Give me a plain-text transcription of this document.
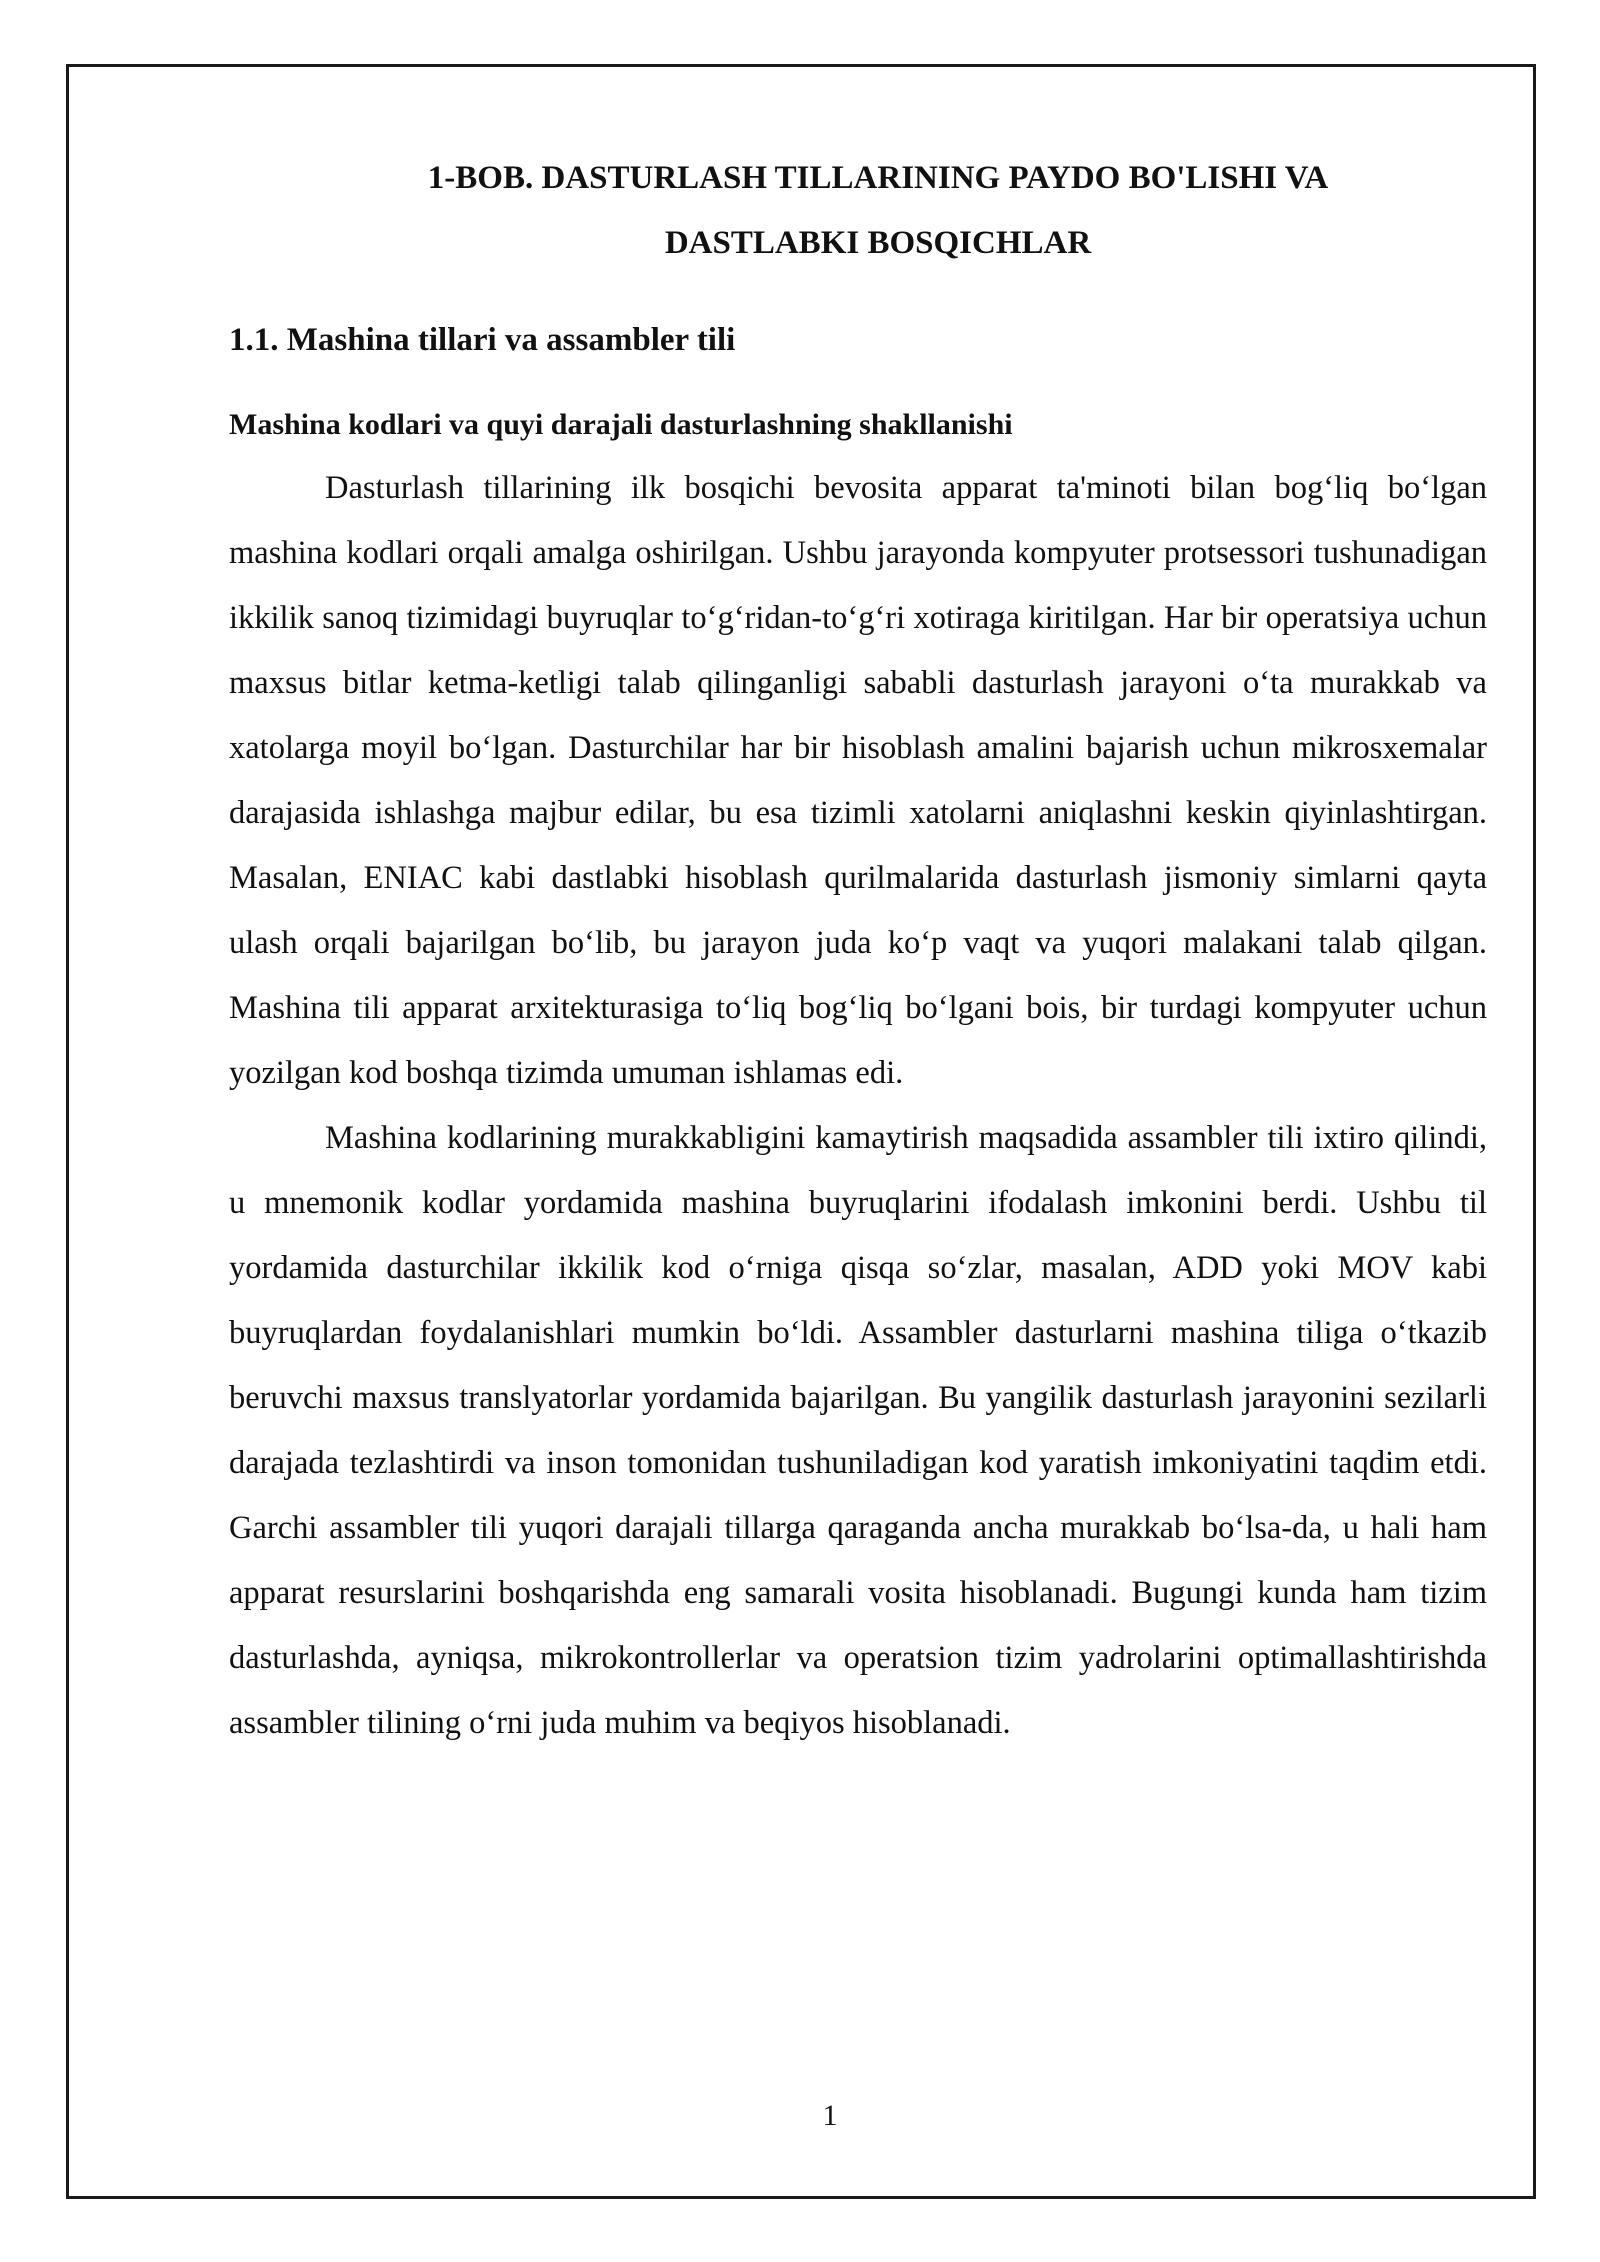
1-BOB. DASTURLASH TILLARINING PAYDO BO'LISHI VA
DASTLABKI BOSQICHLAR
1.1. Mashina tillari va assambler tili
Mashina kodlari va quyi darajali dasturlashning shakllanishi

Dasturlash tillarining ilk bosqichi bevosita apparat ta'minoti bilan bog‘liq bo‘lgan mashina kodlari orqali amalga oshirilgan. Ushbu jarayonda kompyuter protsessori tushunadigan ikkilik sanoq tizimidagi buyruqlar to‘g‘ridan-to‘g‘ri xotiraga kiritilgan. Har bir operatsiya uchun maxsus bitlar ketma-ketligi talab qilinganligi sababli dasturlash jarayoni o‘ta murakkab va xatolarga moyil bo‘lgan. Dasturchilar har bir hisoblash amalini bajarish uchun mikrosxemalar darajasida ishlashga majbur edilar, bu esa tizimli xatolarni aniqlashni keskin qiyinlashtirgan. Masalan, ENIAC kabi dastlabki hisoblash qurilmalarida dasturlash jismoniy simlarni qayta ulash orqali bajarilgan bo‘lib, bu jarayon juda ko‘p vaqt va yuqori malakani talab qilgan. Mashina tili apparat arxitekturasiga to‘liq bog‘liq bo‘lgani bois, bir turdagi kompyuter uchun yozilgan kod boshqa tizimda umuman ishlamas edi.

Mashina kodlarining murakkabligini kamaytirish maqsadida assambler tili ixtiro qilindi, u mnemonik kodlar yordamida mashina buyruqlarini ifodalash imkonini berdi. Ushbu til yordamida dasturchilar ikkilik kod o‘rniga qisqa so‘zlar, masalan, ADD yoki MOV kabi buyruqlardan foydalanishlari mumkin bo‘ldi. Assambler dasturlarni mashina tiliga o‘tkazib beruvchi maxsus translyatorlar yordamida bajarilgan. Bu yangilik dasturlash jarayonini sezilarli darajada tezlashtirdi va inson tomonidan tushuniladigan kod yaratish imkoniyatini taqdim etdi. Garchi assambler tili yuqori darajali tillarga qaraganda ancha murakkab bo‘lsa-da, u hali ham apparat resurslarini boshqarishda eng samarali vosita hisoblanadi. Bugungi kunda ham tizim dasturlashda, ayniqsa, mikrokontrollerlar va operatsion tizim yadrolarini optimallashtirishda assambler tilining o‘rni juda muhim va beqiyos hisoblanadi.

1
